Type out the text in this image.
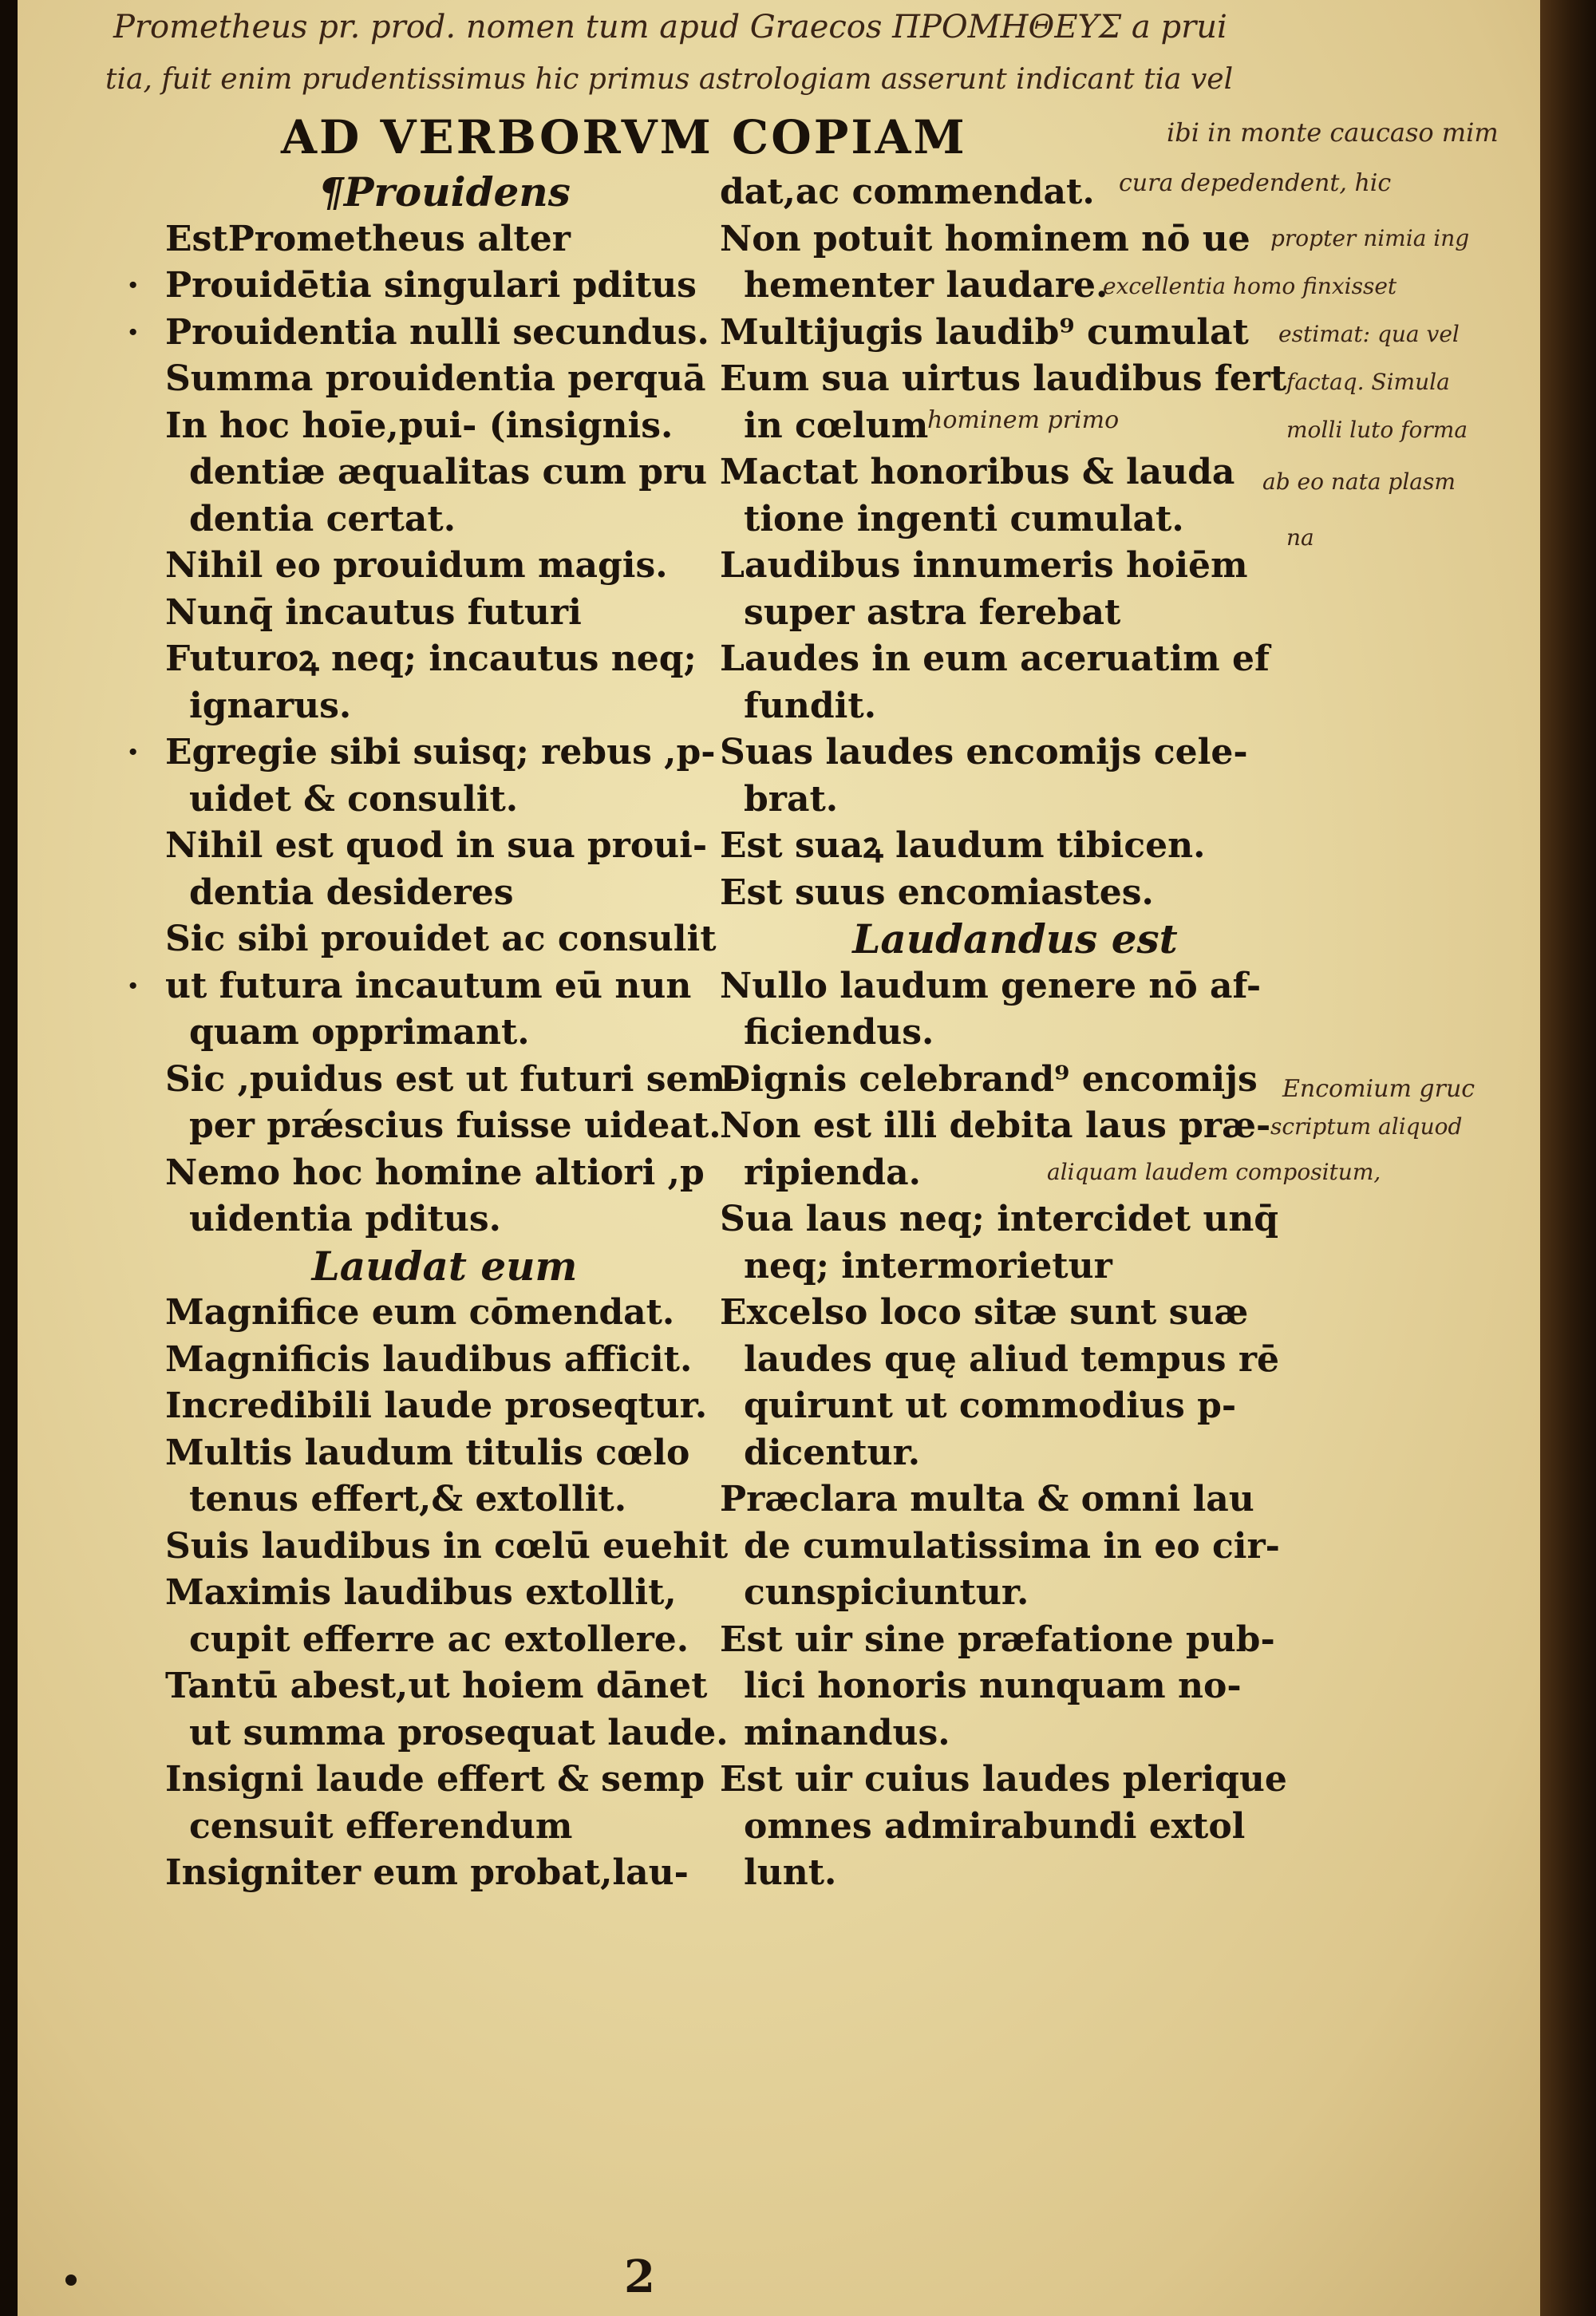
Prometheus pr. prod. nomen tum apud Graecos ΠΡΟΜΗΘΕΥΣ a prui
tia, fuit enim prudentissimus hic primus astrologiam asserunt indicant tia vel
ibi in monte caucaso mim
AD VERBORVM COPIAM
cura depedendent, hic
propter nimia ing
excellentia homo finxisset
estimat: qua vel
factaq. Simula
molli luto forma
ab eo nata plasm
na
hominem primo
Encomium gruc
scriptum aliquod
aliquam laudem compositum,
¶Prouidens
EstPrometheus alter
· Prouidētia singulari pditus
· Prouidentia nulli secundus.
Summa prouidentia perquā
In hoc hoīe,pui- (insignis.
dentiæ æqualitas cum pru
dentia certat.
Nihil eo prouidum magis.
Nunq̄ incautus futuri
Futuroꝝ neq; incautus neq;
ignarus.
· Egregie sibi suisq; rebus ,p-
uidet & consulit.
Nihil est quod in sua proui-
dentia desideres
Sic sibi prouidet ac consulit
· ut futura incautum eū nun
quam opprimant.
Sic ,puidus est ut futuri sem-
per prǽscius fuisse uideat.
Nemo hoc homine altiori ,p
uidentia pditus.
Laudat eum
Magnifice eum cōmendat.
Magnificis laudibus afficit.
Incredibili laude proseqtur.
Multis laudum titulis cœlo
tenus effert,& extollit.
Suis laudibus in cœlū euehit
Maximis laudibus extollit,
cupit efferre ac extollere.
Tantū abest,ut hoiem dānet
ut summa prosequat laude.
Insigni laude effert & semp
censuit efferendum
Insigniter eum probat,lau-
dat,ac commendat.
Non potuit hominem nō ue
hementer laudare.
Multijugis laudib⁹ cumulat
Eum sua uirtus laudibus fert
in cœlum
Mactat honoribus & lauda
tione ingenti cumulat.
Laudibus innumeris hoiēm
super astra ferebat
Laudes in eum aceruatim ef
fundit.
Suas laudes encomijs cele-
brat.
Est suaꝝ laudum tibicen.
Est suus encomiastes.
Laudandus est
Nullo laudum genere nō af-
ficiendus.
Dignis celebrand⁹ encomijs
Non est illi debita laus præ-
ripienda.
Sua laus neq; intercidet unq̄
neq; intermorietur
Excelso loco sitæ sunt suæ
laudes quę aliud tempus rē
quirunt ut commodius p-
dicentur.
Præclara multa & omni lau
de cumulatissima in eo cir-
cunspiciuntur.
Est uir sine præfatione pub-
lici honoris nunquam no-
minandus.
Est uir cuius laudes plerique
omnes admirabundi extol
lunt.
2
